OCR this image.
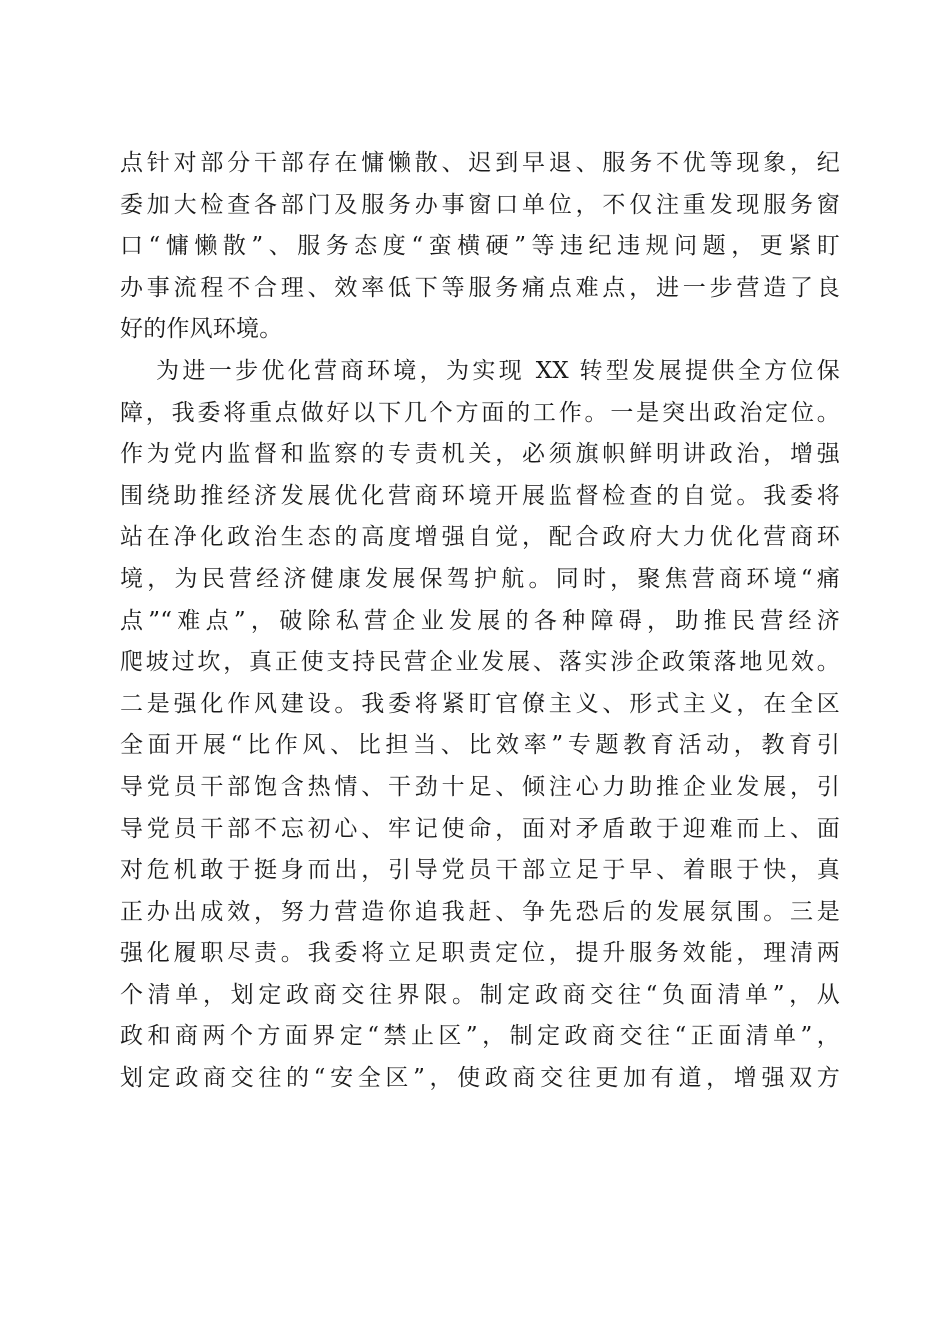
点针对部分干部存在慵懒散、迟到早退、服务不优等现象，纪
委加大检查各部门及服务办事窗口单位，不仅注重发现服务窗
口“慵懒散”、服务态度“蛮横硬”等违纪违规问题，更紧盯
办事流程不合理、效率低下等服务痛点难点，进一步营造了良
好的作风环境。
为进一步优化营商环境，为实现 XX 转型发展提供全方位保
障，我委将重点做好以下几个方面的工作。一是突出政治定位。
作为党内监督和监察的专责机关，必须旗帜鲜明讲政治，增强
围绕助推经济发展优化营商环境开展监督检查的自觉。我委将
站在净化政治生态的高度增强自觉，配合政府大力优化营商环
境，为民营经济健康发展保驾护航。同时，聚焦营商环境“痛
点”“难点”，破除私营企业发展的各种障碍，助推民营经济
爬坡过坎，真正使支持民营企业发展、落实涉企政策落地见效。
二是强化作风建设。我委将紧盯官僚主义、形式主义，在全区
全面开展“比作风、比担当、比效率”专题教育活动，教育引
导党员干部饱含热情、干劲十足、倾注心力助推企业发展，引
导党员干部不忘初心、牢记使命，面对矛盾敢于迎难而上、面
对危机敢于挺身而出，引导党员干部立足于早、着眼于快，真
正办出成效，努力营造你追我赶、争先恐后的发展氛围。三是
强化履职尽责。我委将立足职责定位，提升服务效能，理清两
个清单，划定政商交往界限。制定政商交往“负面清单”，从
政和商两个方面界定“禁止区”，制定政商交往“正面清单”，
划定政商交往的“安全区”，使政商交往更加有道，增强双方
